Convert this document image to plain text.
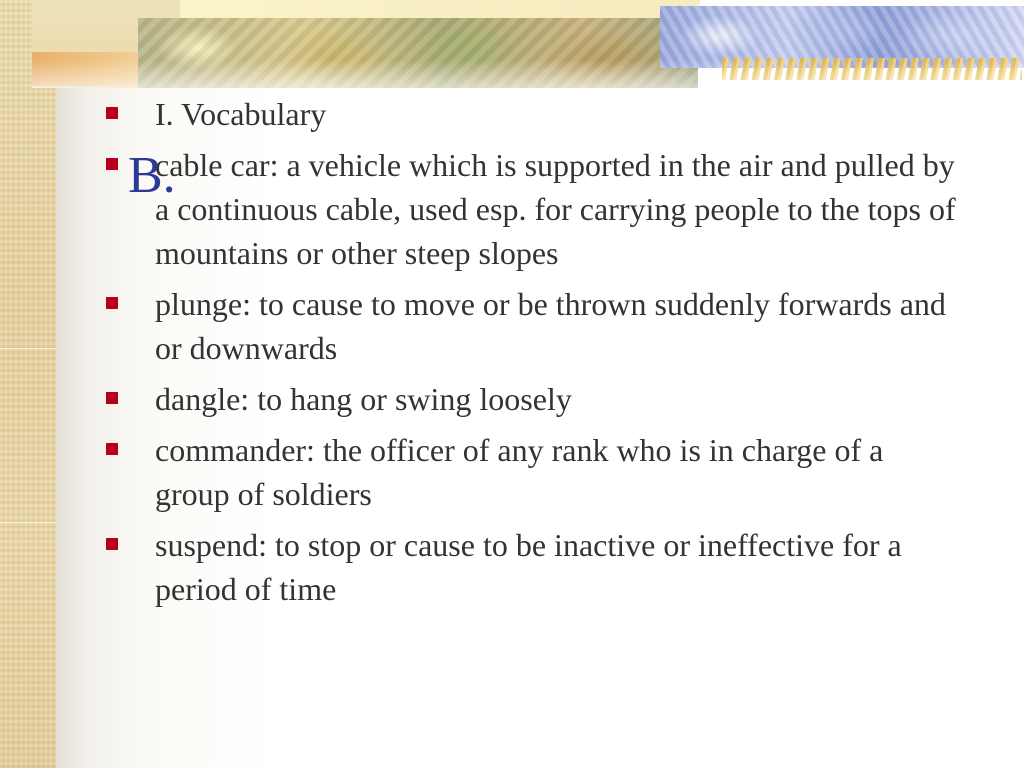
I. Vocabulary
cable car: a vehicle which is supported in the air and pulled by a continuous cable, used esp. for carrying people to the tops of mountains or other steep slopes
plunge: to cause to move or be thrown suddenly forwards and or downwards
dangle: to hang or swing loosely
commander: the officer of any rank who is in charge of a group of soldiers
suspend: to stop or cause to be inactive or ineffective for a period of time
B.
